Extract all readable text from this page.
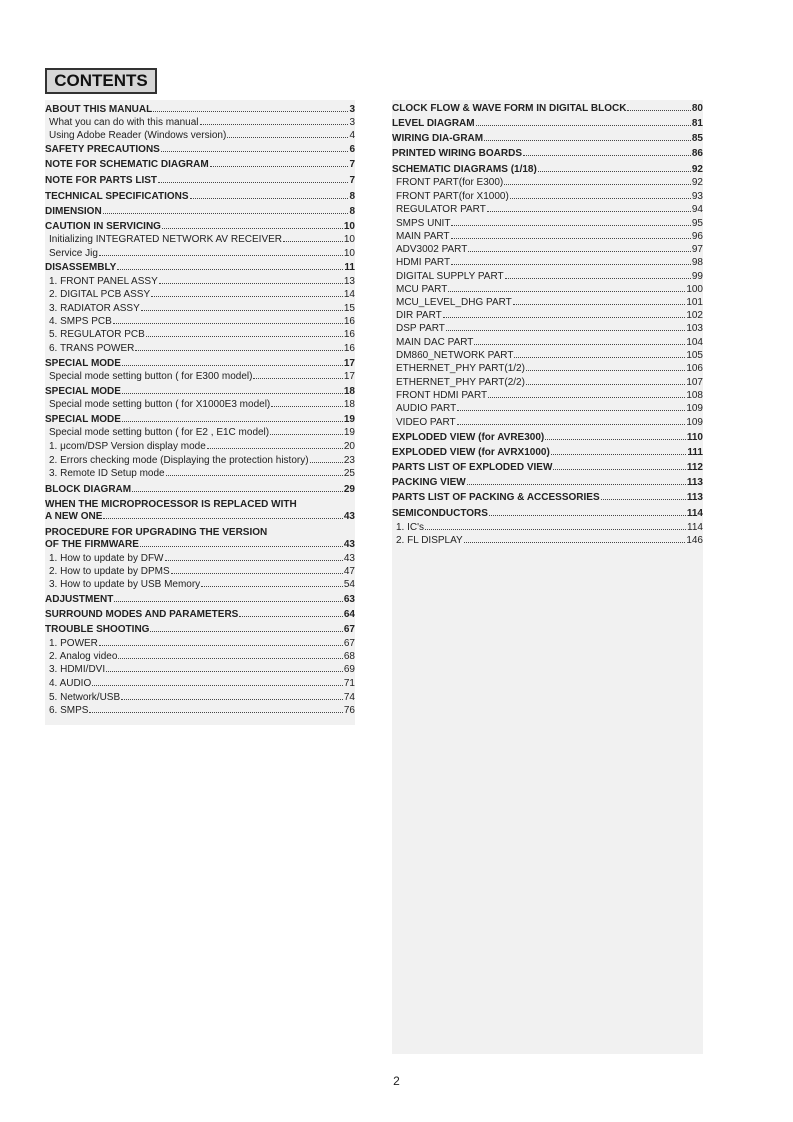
CONTENTS
ABOUT THIS MANUAL	3
What you can do with this manual	3
Using Adobe Reader (Windows version)	4
SAFETY PRECAUTIONS	6
NOTE FOR SCHEMATIC DIAGRAM	7
NOTE FOR PARTS LIST	7
TECHNICAL SPECIFICATIONS	8
DIMENSION	8
CAUTION IN SERVICING	10
Initializing INTEGRATED NETWORK AV RECEIVER	10
Service Jig	10
DISASSEMBLY	11
1. FRONT PANEL ASSY	13
2. DIGITAL PCB ASSY	14
3. RADIATOR ASSY	15
4. SMPS PCB	16
5. REGULATOR PCB	16
6. TRANS POWER	16
SPECIAL MODE	17
Special mode setting button ( for E300 model)	17
SPECIAL MODE	18
Special mode setting button ( for X1000E3 model)	18
SPECIAL MODE	19
Special mode setting button ( for E2 , E1C model)	19
1. μcom/DSP Version display mode	20
2. Errors checking mode (Displaying the protection history)	23
3. Remote ID Setup mode	25
BLOCK DIAGRAM	29
WHEN THE MICROPROCESSOR IS REPLACED WITH
A NEW ONE	43
PROCEDURE FOR UPGRADING THE VERSION
OF THE FIRMWARE	43
1. How to update by DFW	43
2. How to update by DPMS	47
3. How to update by USB Memory	54
ADJUSTMENT	63
SURROUND MODES AND PARAMETERS	64
TROUBLE SHOOTING	67
1. POWER	67
2. Analog video	68
3. HDMI/DVI	69
4. AUDIO	71
5. Network/USB	74
6. SMPS	76
CLOCK FLOW & WAVE FORM IN DIGITAL BLOCK	80
LEVEL DIAGRAM	81
WIRING DIA-GRAM	85
PRINTED WIRING BOARDS	86
SCHEMATIC DIAGRAMS (1/18)	92
FRONT PART(for E300)	92
FRONT PART(for X1000)	93
REGULATOR PART	94
SMPS UNIT	95
MAIN PART	96
ADV3002 PART	97
HDMI PART	98
DIGITAL SUPPLY PART	99
MCU PART	100
MCU_LEVEL_DHG PART	101
DIR PART	102
DSP PART	103
MAIN DAC PART	104
DM860_NETWORK PART	105
ETHERNET_PHY PART(1/2)	106
ETHERNET_PHY PART(2/2)	107
FRONT HDMI PART	108
AUDIO PART	109
VIDEO PART	109
EXPLODED VIEW (for AVRE300)	110
EXPLODED VIEW (for AVRX1000)	111
PARTS LIST OF EXPLODED VIEW	112
PACKING VIEW	113
PARTS LIST OF PACKING & ACCESSORIES	113
SEMICONDUCTORS	114
1. IC's	114
2. FL DISPLAY	146
2
